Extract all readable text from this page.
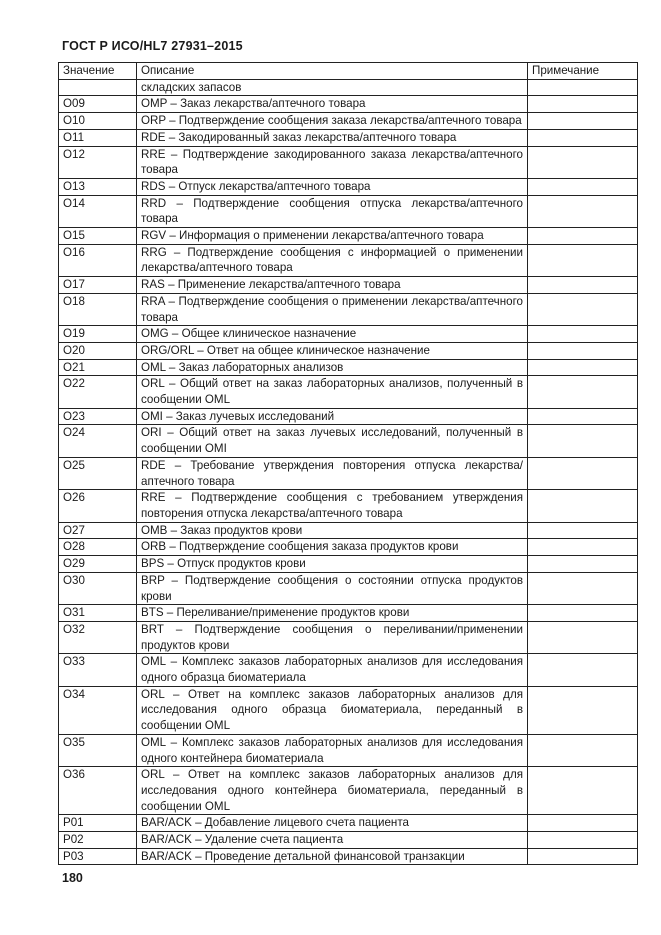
ГОСТ Р ИСО/HL7 27931–2015
Значение	Описание	Примечание
	складских запасов	
O09	OMP – Заказ лекарства/аптечного товара	
O10	ORP – Подтверждение сообщения заказа лекарства/аптечного товара	
O11	RDE – Закодированный заказ лекарства/аптечного товара	
O12	RRE – Подтверждение закодированного заказа лекарства/аптечного товара	
O13	RDS – Отпуск лекарства/аптечного товара	
O14	RRD – Подтверждение сообщения отпуска лекарства/аптечного товара	
O15	RGV – Информация о применении лекарства/аптечного товара	
O16	RRG – Подтверждение сообщения с информацией о применении лекарства/аптечного товара	
O17	RAS – Применение лекарства/аптечного товара	
O18	RRA – Подтверждение сообщения о применении лекарства/аптечного товара	
O19	OMG – Общее клиническое назначение	
O20	ORG/ORL – Ответ на общее клиническое назначение	
O21	OML – Заказ лабораторных анализов	
O22	ORL – Общий ответ на заказ лабораторных анализов, полученный в сообщении OML	
O23	OMI – Заказ лучевых исследований	
O24	ORI – Общий ответ на заказ лучевых исследований, полученный в сообщении OMI	
O25	RDE – Требование утверждения повторения отпуска лекарства/аптечного товара	
O26	RRE – Подтверждение сообщения с требованием утверждения повторения отпуска лекарства/аптечного товара	
O27	OMB – Заказ продуктов крови	
O28	ORB – Подтверждение сообщения заказа продуктов крови	
O29	BPS – Отпуск продуктов крови	
O30	BRP – Подтверждение сообщения о состоянии отпуска продуктов крови	
O31	BTS – Переливание/применение продуктов крови	
O32	BRT – Подтверждение сообщения о переливании/применении продуктов крови	
O33	OML – Комплекс заказов лабораторных анализов для исследования одного образца биоматериала	
O34	ORL – Ответ на комплекс заказов лабораторных анализов для исследования одного образца биоматериала, переданный в сообщении OML	
O35	OML – Комплекс заказов лабораторных анализов для исследования одного контейнера биоматериала	
O36	ORL – Ответ на комплекс заказов лабораторных анализов для исследования одного контейнера биоматериала, переданный в сообщении OML	
P01	BAR/ACK – Добавление лицевого счета пациента	
P02	BAR/ACK – Удаление счета пациента	
P03	BAR/ACK – Проведение детальной финансовой транзакции	
180
